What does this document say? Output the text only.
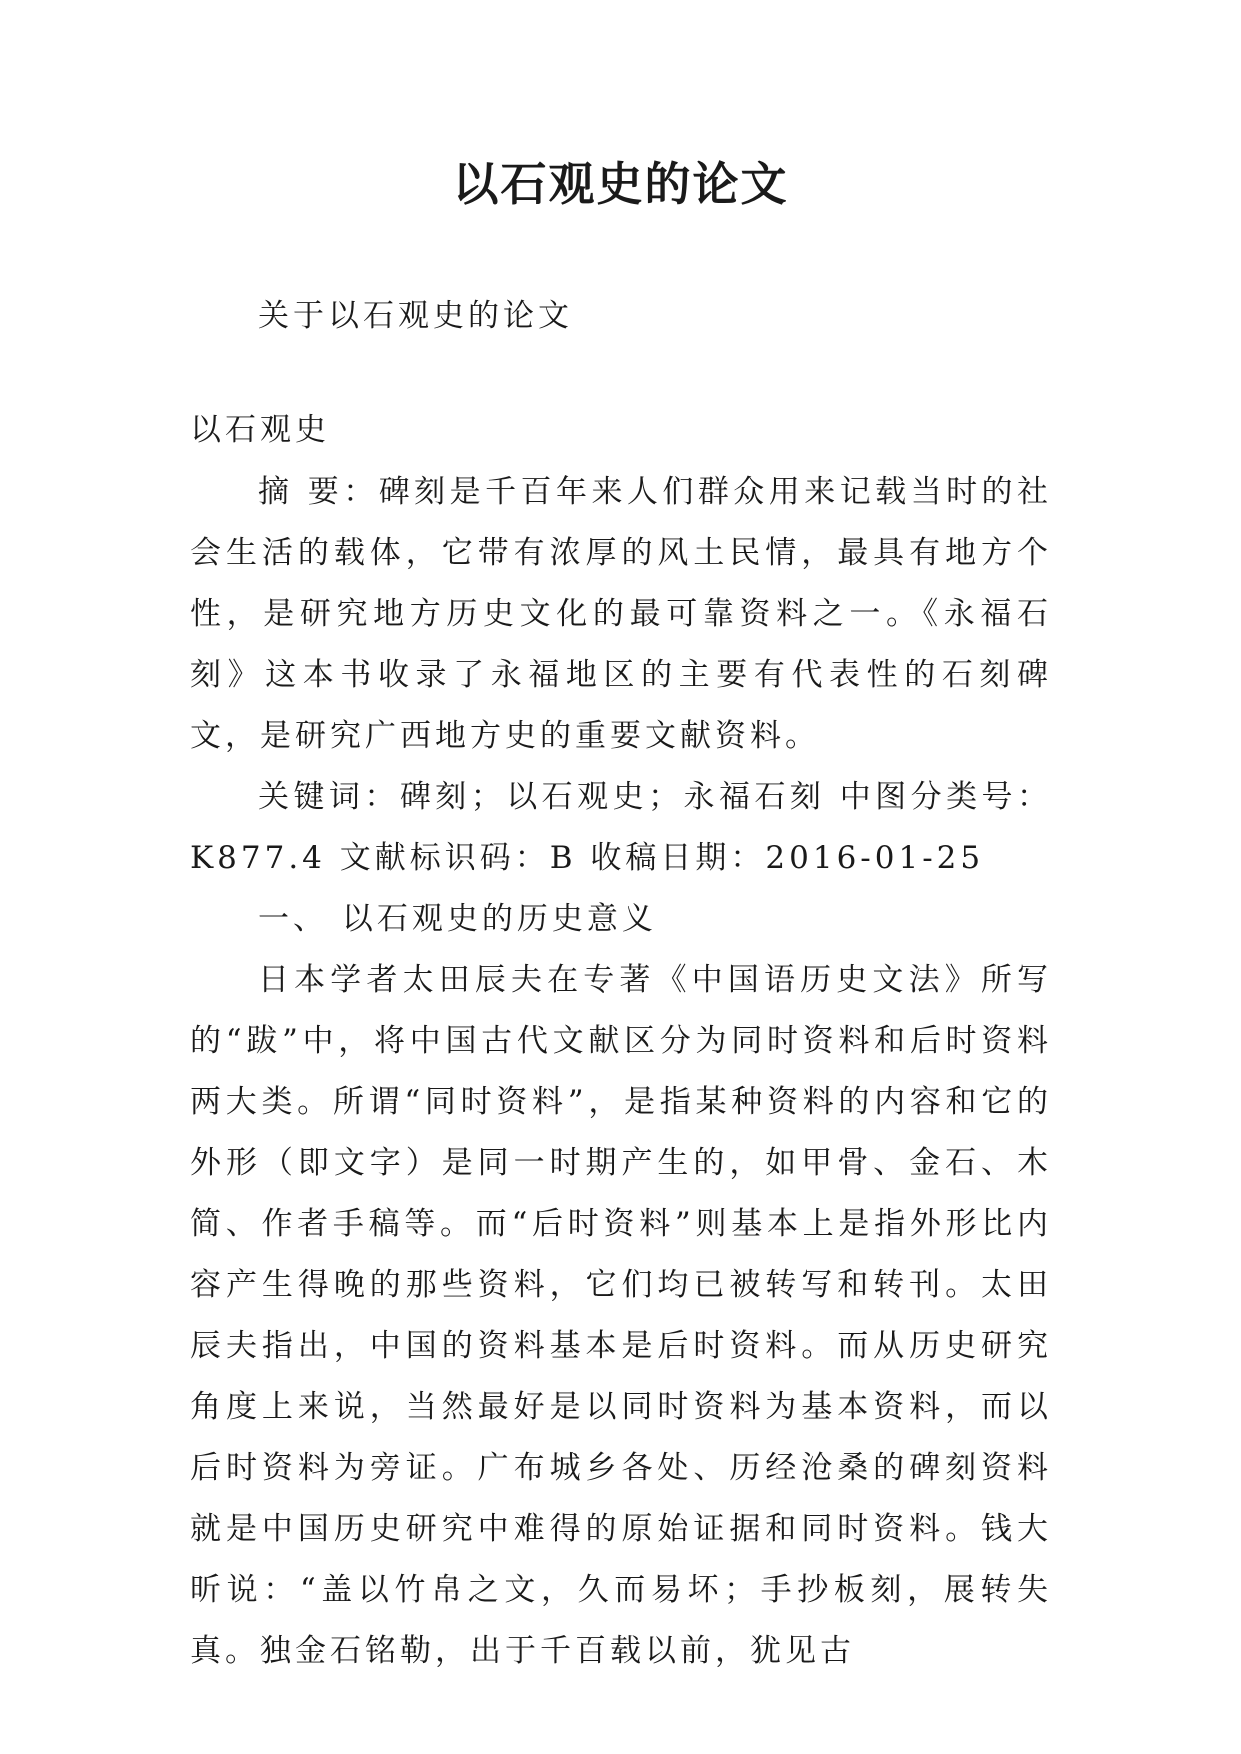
以石观史的论文
关于以石观史的论文
以石观史

摘 要：碑刻是千百年来人们群众用来记载当时的社会生活的载体，它带有浓厚的风土民情，最具有地方个性，是研究地方历史文化的最可靠资料之一。《永福石刻》这本书收录了永福地区的主要有代表性的石刻碑文，是研究广西地方史的重要文献资料。

关键词：碑刻；以石观史；永福石刻 中图分类号：K877.4 文献标识码：B 收稿日期：2016-01-25

一、 以石观史的历史意义

日本学者太田辰夫在专著《中国语历史文法》所写的“跋”中，将中国古代文献区分为同时资料和后时资料两大类。所谓“同时资料”，是指某种资料的内容和它的外形（即文字）是同一时期产生的，如甲骨、金石、木简、作者手稿等。而“后时资料”则基本上是指外形比内容产生得晚的那些资料，它们均已被转写和转刊。太田辰夫指出，中国的资料基本是后时资料。而从历史研究角度上来说，当然最好是以同时资料为基本资料，而以后时资料为旁证。广布城乡各处、历经沧桑的碑刻资料就是中国历史研究中难得的原始证据和同时资料。钱大昕说：“盖以竹帛之文，久而易坏；手抄板刻，展转失真。独金石铭勒，出于千百载以前，犹见古
